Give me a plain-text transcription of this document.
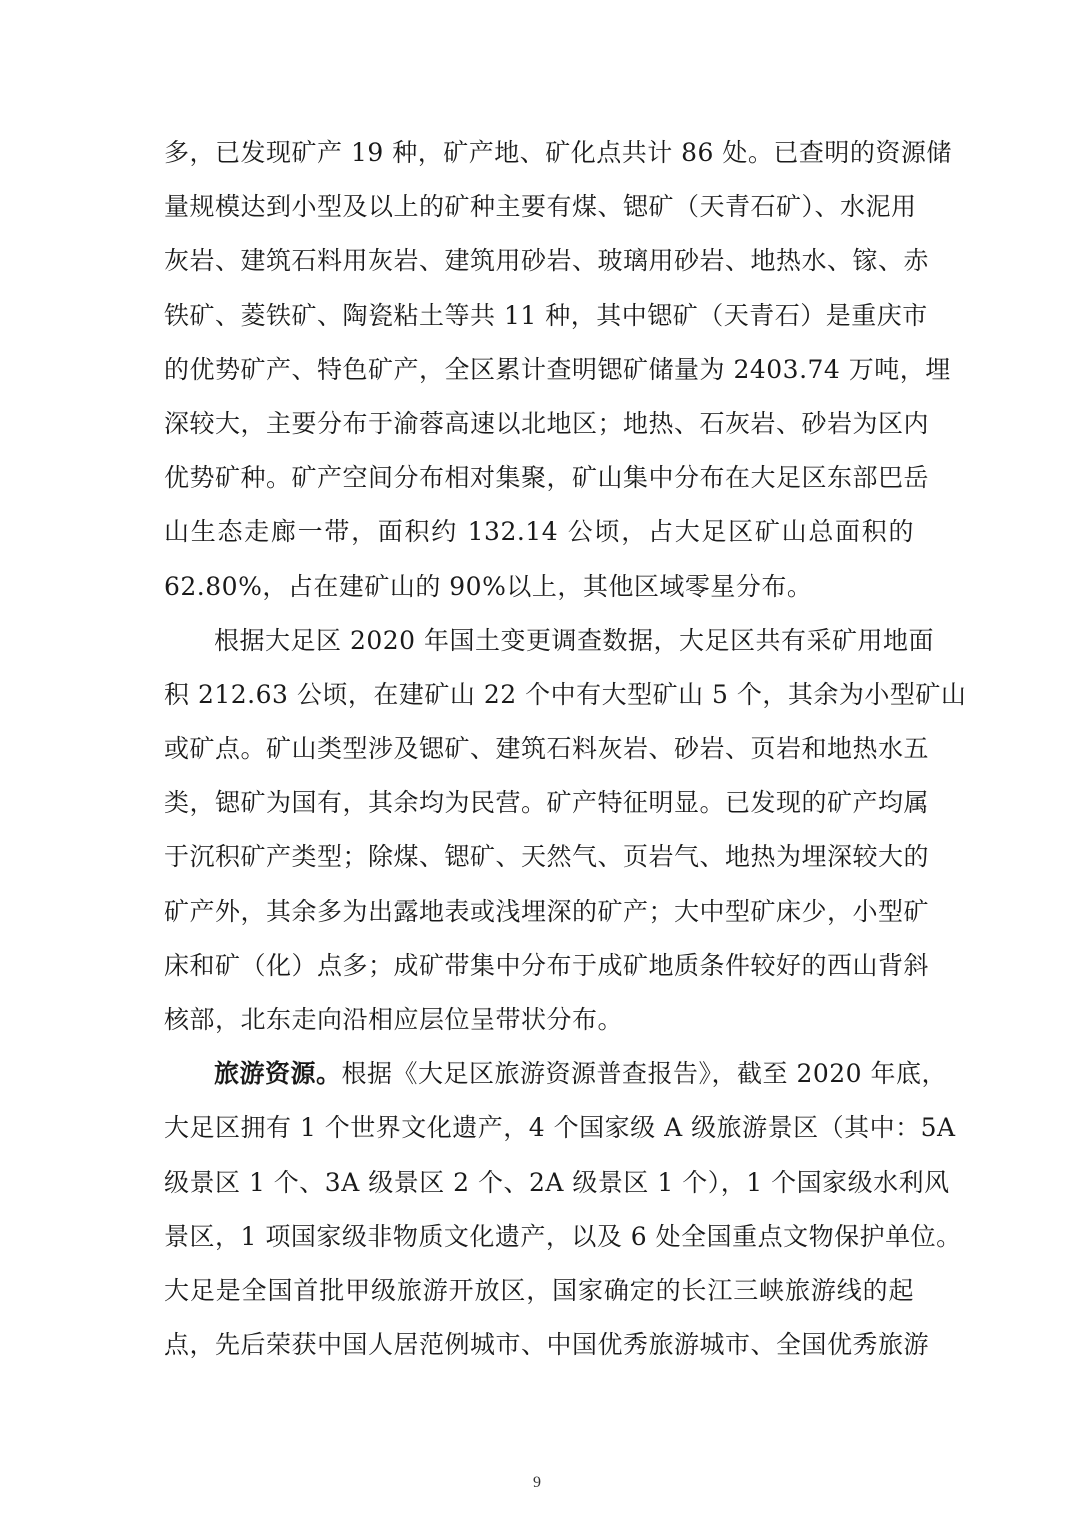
多，已发现矿产 19 种，矿产地、矿化点共计 86 处。已查明的资源储
量规模达到小型及以上的矿种主要有煤、锶矿（天青石矿）、水泥用
灰岩、建筑石料用灰岩、建筑用砂岩、玻璃用砂岩、地热水、镓、赤
铁矿、菱铁矿、陶瓷粘土等共 11 种，其中锶矿（天青石）是重庆市
的优势矿产、特色矿产，全区累计查明锶矿储量为 2403.74 万吨，埋
深较大，主要分布于渝蓉高速以北地区；地热、石灰岩、砂岩为区内
优势矿种。矿产空间分布相对集聚，矿山集中分布在大足区东部巴岳
山生态走廊一带，面积约 132.14 公顷，占大足区矿山总面积的
62.80%，占在建矿山的 90%以上，其他区域零星分布。
根据大足区 2020 年国土变更调查数据，大足区共有采矿用地面
积 212.63 公顷，在建矿山 22 个中有大型矿山 5 个，其余为小型矿山
或矿点。矿山类型涉及锶矿、建筑石料灰岩、砂岩、页岩和地热水五
类，锶矿为国有，其余均为民营。矿产特征明显。已发现的矿产均属
于沉积矿产类型；除煤、锶矿、天然气、页岩气、地热为埋深较大的
矿产外，其余多为出露地表或浅埋深的矿产；大中型矿床少，小型矿
床和矿（化）点多；成矿带集中分布于成矿地质条件较好的西山背斜
核部，北东走向沿相应层位呈带状分布。
旅游资源。根据《大足区旅游资源普查报告》，截至 2020 年底，
大足区拥有 1 个世界文化遗产，4 个国家级 A 级旅游景区（其中：5A
级景区 1 个、3A 级景区 2 个、2A 级景区 1 个），1 个国家级水利风
景区，1 项国家级非物质文化遗产，以及 6 处全国重点文物保护单位。
大足是全国首批甲级旅游开放区，国家确定的长江三峡旅游线的起
点，先后荣获中国人居范例城市、中国优秀旅游城市、全国优秀旅游
9
